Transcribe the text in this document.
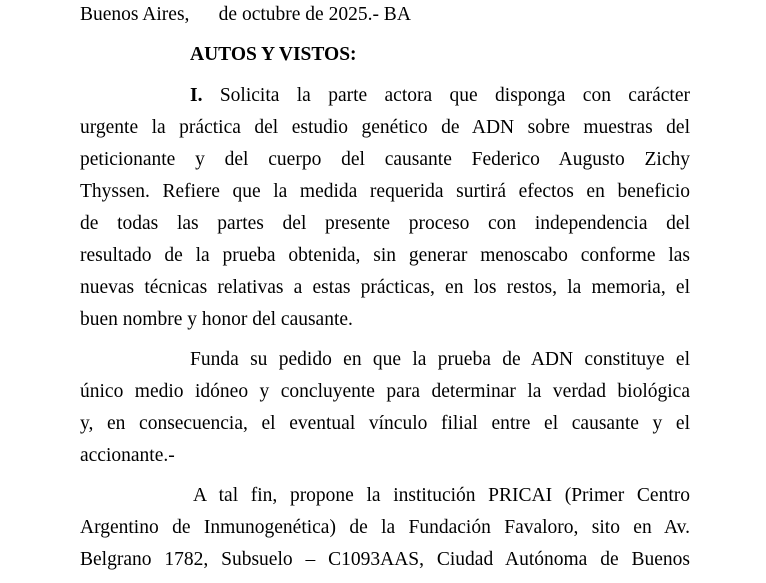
Buenos Aires,      de octubre de 2025.- BA
AUTOS Y VISTOS:
I. Solicita la parte actora que disponga con carácter
urgente la práctica del estudio genético de ADN sobre muestras del
peticionante y del cuerpo del causante Federico Augusto Zichy
Thyssen. Refiere que la medida requerida surtirá efectos en beneficio
de todas las partes del presente proceso con independencia del
resultado de la prueba obtenida, sin generar menoscabo conforme las
nuevas técnicas relativas a estas prácticas, en los restos, la memoria, el
buen nombre y honor del causante.
Funda su pedido en que la prueba de ADN constituye el
único medio idóneo y concluyente para determinar la verdad biológica
y, en consecuencia, el eventual vínculo filial entre el causante y el
accionante.-
A tal fin, propone la institución PRICAI (Primer Centro
Argentino de Inmunogenética) de la Fundación Favaloro, sito en Av.
Belgrano 1782, Subsuelo – C1093AAS, Ciudad Autónoma de Buenos
